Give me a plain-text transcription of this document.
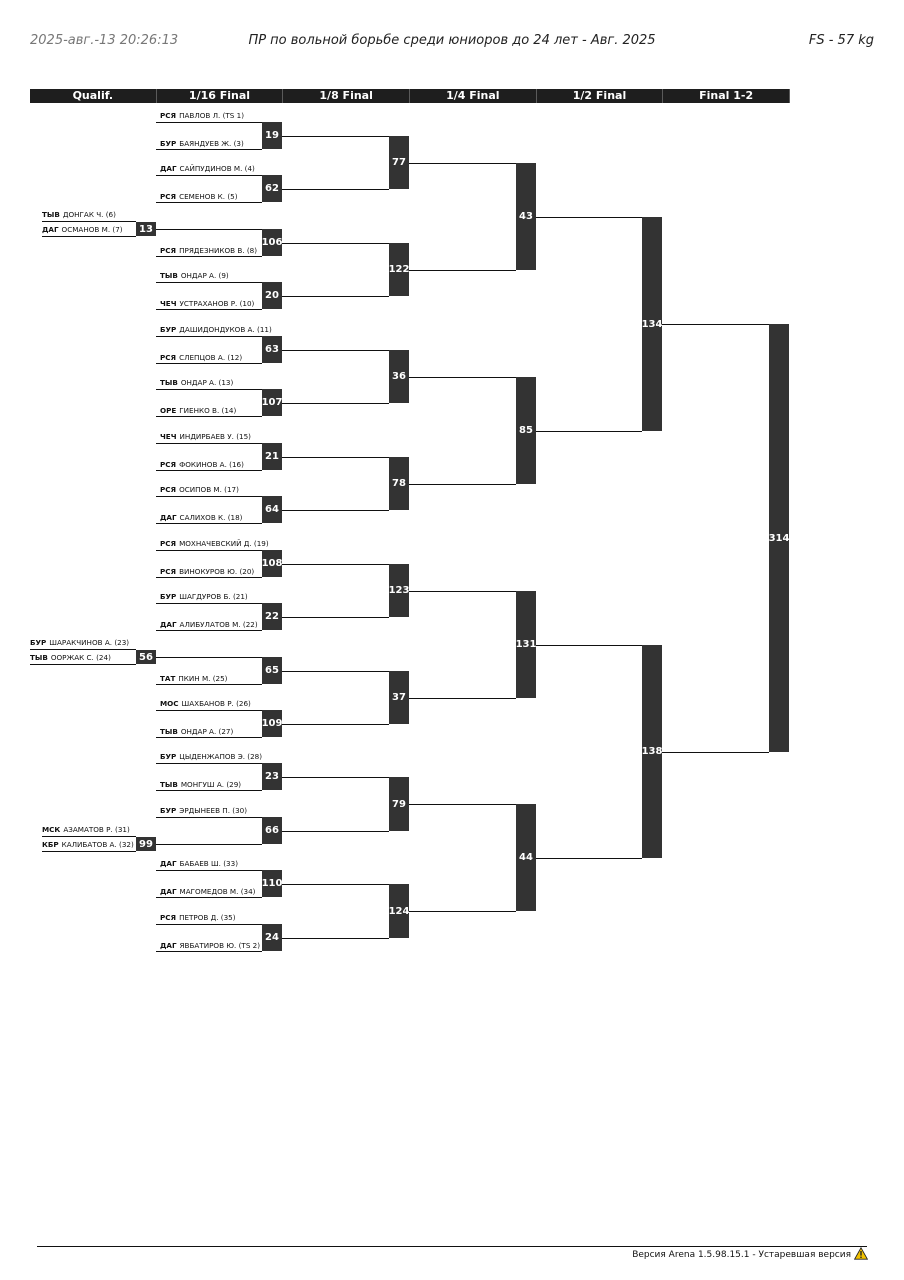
2025-авг.-13 20:26:13	ПР по вольной борьбе среди юниоров до 24 лет - Авг. 2025	FS - 57 kg
Qualif.	1/16 Final	1/8 Final	1/4 Final	1/2 Final	Final 1-2
РСЯ ПАВЛОВ Л. (TS 1)
БУР БАЯНДУЕВ Ж. (3)
19
ДАГ САЙПУДИНОВ М. (4)
РСЯ СЕМЕНОВ К. (5)
62
РСЯ ПРЯДЕЗНИКОВ В. (8)
106
ТЫВ ОНДАР А. (9)
ЧЕЧ УСТРАХАНОВ Р. (10)
20
БУР ДАШИДОНДУКОВ А. (11)
РСЯ СЛЕПЦОВ А. (12)
63
ТЫВ ОНДАР А. (13)
ОРЕ ГИЕНКО В. (14)
107
ЧЕЧ ИНДИРБАЕВ У. (15)
РСЯ ФОКИНОВ А. (16)
21
РСЯ ОСИПОВ М. (17)
ДАГ САЛИХОВ К. (18)
64
РСЯ МОХНАЧЕВСКИЙ Д. (19)
РСЯ ВИНОКУРОВ Ю. (20)
108
БУР ШАГДУРОВ Б. (21)
ДАГ АЛИБУЛАТОВ М. (22)
22
ТАТ ПКИН М. (25)
65
МОС ШАХБАНОВ Р. (26)
ТЫВ ОНДАР А. (27)
109
БУР ЦЫДЕНЖАПОВ Э. (28)
ТЫВ МОНГУШ А. (29)
23
БУР ЭРДЫНЕЕВ П. (30)
66
ДАГ БАБАЕВ Ш. (33)
ДАГ МАГОМЕДОВ М. (34)
110
РСЯ ПЕТРОВ Д. (35)
ДАГ ЯВБАТИРОВ Ю. (TS 2)
24
ТЫВ ДОНГАК Ч. (6)
ДАГ ОСМАНОВ М. (7)	13
БУР ШАРАКЧИНОВ А. (23)
ТЫВ ООРЖАК С. (24)	56
МСК АЗАМАТОВ Р. (31)
КБР КАЛИБАТОВ А. (32) 99
77
122
36
78
123
37
79
124
43
85
131
44
134
138
314
Версия Arena 1.5.98.15.1 - Устаревшая версия
